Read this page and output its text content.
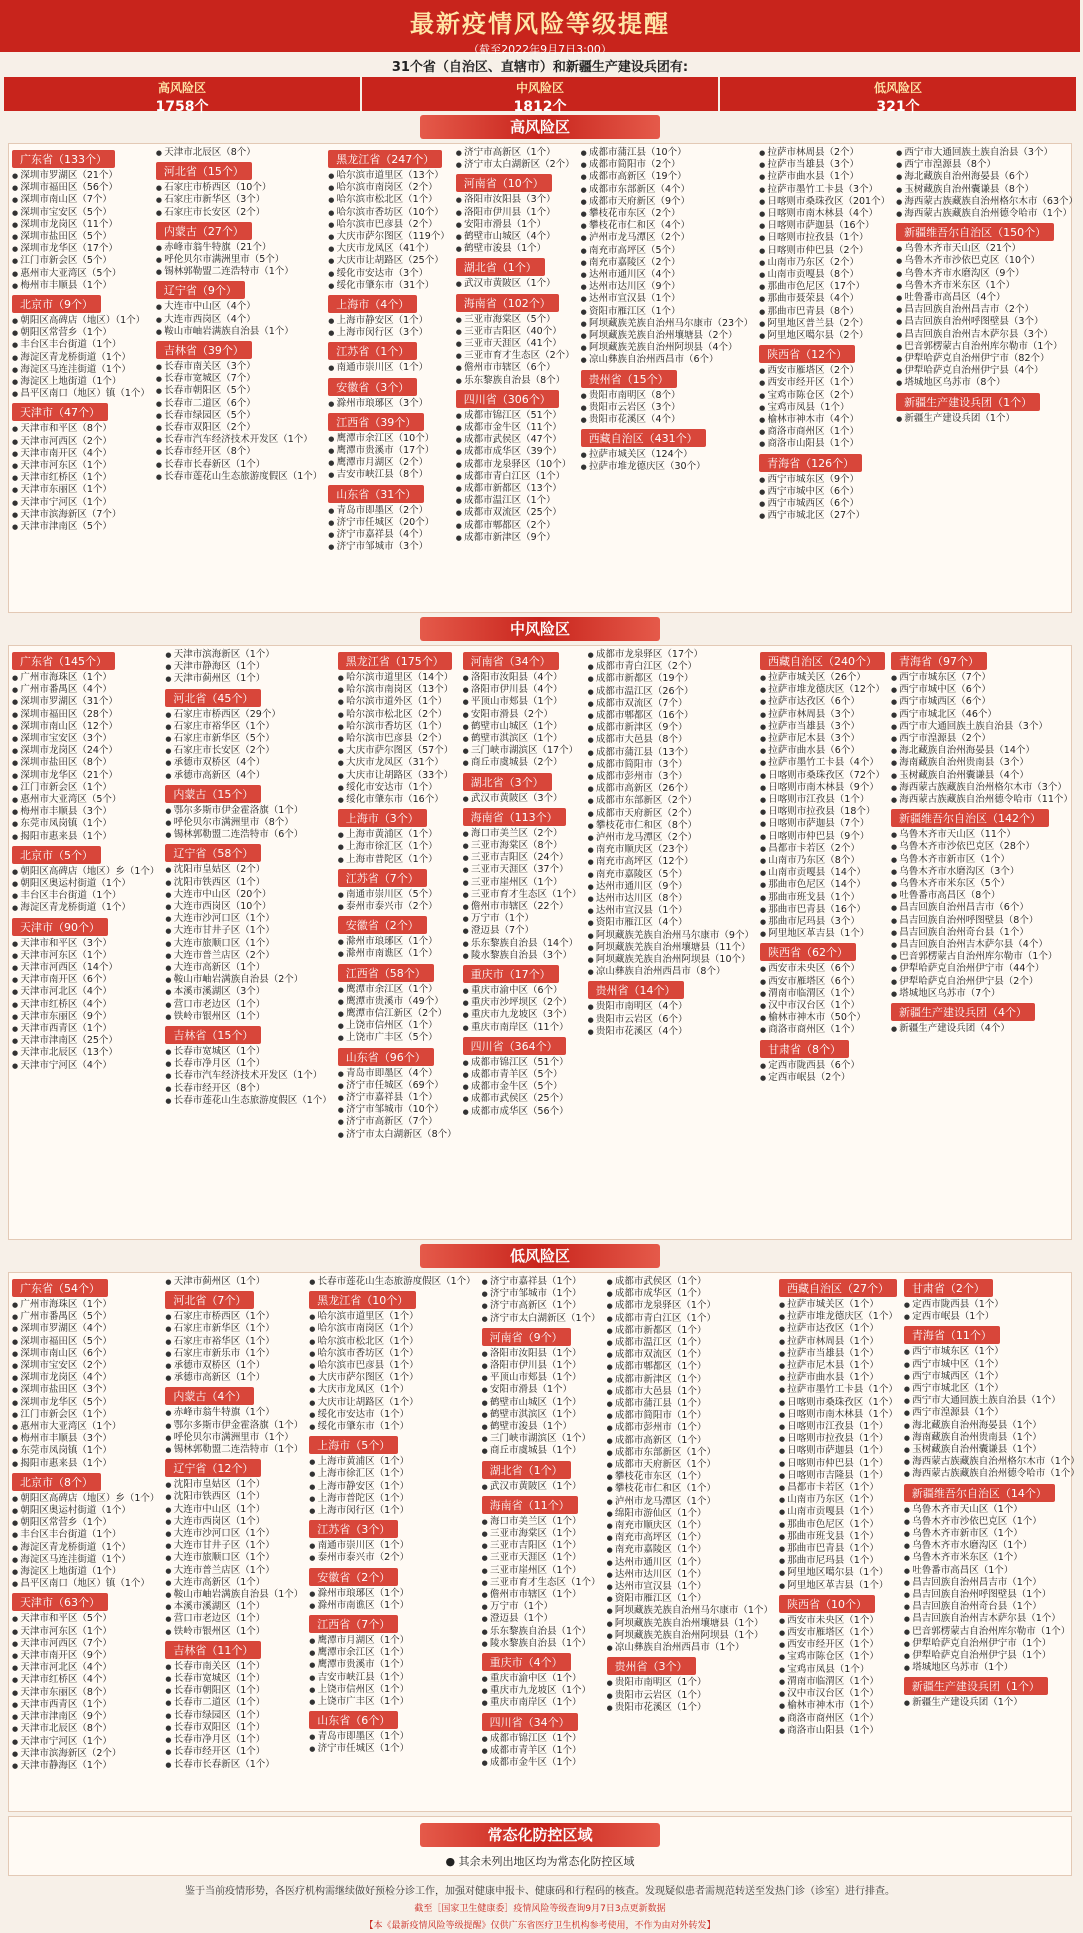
最新疫情风险等级提醒
（截至2022年9月7日3:00）
31个省（自治区、直辖市）和新疆生产建设兵团有:
高风险区
1758个
中风险区
1812个
低风险区
321个
高风险区
广东省（133个）
● 深圳市罗湖区（21个）
● 深圳市福田区（56个）
● 深圳市南山区（7个）
● 深圳市宝安区（5个）
● 深圳市龙岗区（11个）
● 深圳市盐田区（5个）
● 深圳市龙华区（17个）
● 江门市新会区（5个）
● 惠州市大亚湾区（5个）
● 梅州市丰顺县（1个）
北京市（9个）
● 朝阳区高碑店（地区）（1个）
● 朝阳区常营乡（1个）
● 丰台区丰台街道（1个）
● 海淀区青龙桥街道（1个）
● 海淀区马连洼街道（1个）
● 海淀区上地街道（1个）
● 昌平区南口（地区）镇（1个）
天津市（47个）
● 天津市和平区（8个）
● 天津市河西区（2个）
● 天津市南开区（4个）
● 天津市河东区（1个）
● 天津市红桥区（1个）
● 天津市东丽区（1个）
● 天津市宁河区（1个）
● 天津市滨海新区（7个）
● 天津市津南区（5个）
● 天津市北辰区（8个）
河北省（15个）
● 石家庄市桥西区（10个）
● 石家庄市新华区（3个）
● 石家庄市长安区（2个）
内蒙古（27个）
● 赤峰市翁牛特旗（21个）
● 呼伦贝尔市满洲里市（5个）
● 锡林郭勒盟二连浩特市（1个）
辽宁省（9个）
● 大连市中山区（4个）
● 大连市西岗区（4个）
● 鞍山市岫岩满族自治县（1个）
吉林省（39个）
● 长春市南关区（3个）
● 长春市宽城区（7个）
● 长春市朝阳区（5个）
● 长春市二道区（6个）
● 长春市绿园区（5个）
● 长春市双阳区（2个）
● 长春市汽车经济技术开发区（1个）
● 长春市经开区（8个）
● 长春市长春新区（1个）
● 长春市莲花山生态旅游度假区（1个）
黑龙江省（247个）
● 哈尔滨市道里区（13个）
● 哈尔滨市南岗区（2个）
● 哈尔滨市松北区（1个）
● 哈尔滨市香坊区（10个）
● 哈尔滨市巴彦县（2个）
● 大庆市萨尔图区（119个）
● 大庆市龙凤区（41个）
● 大庆市让胡路区（25个）
● 绥化市安达市（3个）
● 绥化市肇东市（31个）
上海市（4个）
● 上海市静安区（1个）
● 上海市闵行区（3个）
江苏省（1个）
● 南通市崇川区（1个）
安徽省（3个）
● 滁州市琅琊区（3个）
江西省（39个）
● 鹰潭市余江区（10个）
● 鹰潭市贵溪市（17个）
● 鹰潭市月湖区（2个）
● 吉安市峡江县（8个）
山东省（31个）
● 青岛市即墨区（2个）
● 济宁市任城区（20个）
● 济宁市嘉祥县（4个）
● 济宁市邹城市（3个）
● 济宁市高新区（1个）
● 济宁市太白湖新区（2个）
河南省（10个）
● 洛阳市汝阳县（3个）
● 洛阳市伊川县（1个）
● 安阳市滑县（1个）
● 鹤壁市山城区（4个）
● 鹤壁市浚县（1个）
湖北省（1个）
● 武汉市黄陂区（1个）
海南省（102个）
● 三亚市海棠区（5个）
● 三亚市吉阳区（40个）
● 三亚市天涯区（41个）
● 三亚市育才生态区（2个）
● 儋州市市辖区（6个）
● 乐东黎族自治县（8个）
四川省（306个）
● 成都市锦江区（51个）
● 成都市金牛区（11个）
● 成都市武侯区（47个）
● 成都市成华区（39个）
● 成都市龙泉驿区（10个）
● 成都市青白江区（1个）
● 成都市新都区（13个）
● 成都市温江区（1个）
● 成都市双流区（25个）
● 成都市郫都区（2个）
● 成都市新津区（9个）
● 成都市蒲江县（10个）
● 成都市简阳市（2个）
● 成都市高新区（19个）
● 成都市东部新区（4个）
● 成都市天府新区（9个）
● 攀枝花市东区（2个）
● 攀枝花市仁和区（4个）
● 泸州市龙马潭区（2个）
● 南充市高坪区（5个）
● 南充市嘉陵区（2个）
● 达州市通川区（4个）
● 达州市达川区（9个）
● 达州市宣汉县（1个）
● 资阳市雁江区（1个）
● 阿坝藏族羌族自治州马尔康市（23个）
● 阿坝藏族羌族自治州壤塘县（2个）
● 阿坝藏族羌族自治州阿坝县（4个）
● 凉山彝族自治州西昌市（6个）
贵州省（15个）
● 贵阳市南明区（8个）
● 贵阳市云岩区（3个）
● 贵阳市花溪区（4个）
西藏自治区（431个）
● 拉萨市城关区（124个）
● 拉萨市堆龙德庆区（30个）
● 拉萨市林周县（2个）
● 拉萨市当雄县（3个）
● 拉萨市曲水县（1个）
● 拉萨市墨竹工卡县（3个）
● 日喀则市桑珠孜区（201个）
● 日喀则市南木林县（4个）
● 日喀则市萨迦县（16个）
● 日喀则市拉孜县（1个）
● 日喀则市仲巴县（2个）
● 山南市乃东区（2个）
● 山南市贡嘎县（8个）
● 那曲市色尼区（17个）
● 那曲市聂荣县（4个）
● 那曲市巴青县（8个）
● 阿里地区普兰县（2个）
● 阿里地区噶尔县（2个）
陕西省（12个）
● 西安市雁塔区（2个）
● 西安市经开区（1个）
● 宝鸡市陈仓区（2个）
● 宝鸡市凤县（1个）
● 榆林市神木市（4个）
● 商洛市商州区（1个）
● 商洛市山阳县（1个）
青海省（126个）
● 西宁市城东区（9个）
● 西宁市城中区（6个）
● 西宁市城西区（6个）
● 西宁市城北区（27个）
● 西宁市大通回族土族自治县（3个）
● 西宁市湟源县（8个）
● 海北藏族自治州海晏县（6个）
● 玉树藏族自治州囊谦县（8个）
● 海西蒙古族藏族自治州格尔木市（63个）
● 海西蒙古族藏族自治州德令哈市（1个）
新疆维吾尔自治区（150个）
● 乌鲁木齐市天山区（21个）
● 乌鲁木齐市沙依巴克区（10个）
● 乌鲁木齐市水磨沟区（9个）
● 乌鲁木齐市米东区（1个）
● 吐鲁番市高昌区（4个）
● 昌吉回族自治州昌吉市（2个）
● 昌吉回族自治州呼图壁县（3个）
● 昌吉回族自治州吉木萨尔县（3个）
● 巴音郭楞蒙古自治州库尔勒市（1个）
● 伊犁哈萨克自治州伊宁市（82个）
● 伊犁哈萨克自治州伊宁县（4个）
● 塔城地区乌苏市（8个）
新疆生产建设兵团（1个）
● 新疆生产建设兵团（1个）
中风险区
广东省（145个）
● 广州市海珠区（1个）
● 广州市番禺区（4个）
● 深圳市罗湖区（31个）
● 深圳市福田区（28个）
● 深圳市南山区（12个）
● 深圳市宝安区（3个）
● 深圳市龙岗区（24个）
● 深圳市盐田区（8个）
● 深圳市龙华区（21个）
● 江门市新会区（1个）
● 惠州市大亚湾区（5个）
● 梅州市丰顺县（3个）
● 东莞市凤岗镇（1个）
● 揭阳市惠来县（1个）
北京市（5个）
● 朝阳区高碑店（地区）乡（1个）
● 朝阳区奥运村街道（1个）
● 丰台区丰台街道（1个）
● 海淀区青龙桥街道（1个）
天津市（90个）
● 天津市和平区（3个）
● 天津市河东区（1个）
● 天津市河西区（14个）
● 天津市南开区（6个）
● 天津市河北区（4个）
● 天津市红桥区（4个）
● 天津市东丽区（9个）
● 天津市西青区（1个）
● 天津市津南区（25个）
● 天津市北辰区（13个）
● 天津市宁河区（4个）
● 天津市滨海新区（1个）
● 天津市静海区（1个）
● 天津市蓟州区（1个）
河北省（45个）
● 石家庄市桥西区（29个）
● 石家庄市裕华区（1个）
● 石家庄市新华区（5个）
● 石家庄市长安区（2个）
● 承德市双桥区（4个）
● 承德市高新区（4个）
内蒙古（15个）
● 鄂尔多斯市伊金霍洛旗（1个）
● 呼伦贝尔市满洲里市（8个）
● 锡林郭勒盟二连浩特市（6个）
辽宁省（58个）
● 沈阳市皇姑区（2个）
● 沈阳市铁西区（1个）
● 大连市中山区（20个）
● 大连市西岗区（10个）
● 大连市沙河口区（1个）
● 大连市甘井子区（1个）
● 大连市旅顺口区（1个）
● 大连市普兰店区（2个）
● 大连市高新区（1个）
● 鞍山市岫岩满族自治县（2个）
● 本溪市溪湖区（3个）
● 营口市老边区（1个）
● 铁岭市银州区（1个）
吉林省（15个）
● 长春市宽城区（1个）
● 长春市净月区（1个）
● 长春市汽车经济技术开发区（1个）
● 长春市经开区（8个）
● 长春市莲花山生态旅游度假区（1个）
黑龙江省（175个）
● 哈尔滨市道里区（14个）
● 哈尔滨市南岗区（13个）
● 哈尔滨市道外区（1个）
● 哈尔滨市松北区（2个）
● 哈尔滨市香坊区（1个）
● 哈尔滨市巴彦县（2个）
● 大庆市萨尔图区（57个）
● 大庆市龙凤区（31个）
● 大庆市让胡路区（33个）
● 绥化市安达市（1个）
● 绥化市肇东市（16个）
上海市（3个）
● 上海市黄浦区（1个）
● 上海市徐汇区（1个）
● 上海市普陀区（1个）
江苏省（7个）
● 南通市崇川区（5个）
● 泰州市泰兴市（2个）
安徽省（2个）
● 滁州市琅琊区（1个）
● 滁州市南谯区（1个）
江西省（58个）
● 鹰潭市余江区（1个）
● 鹰潭市贵溪市（49个）
● 鹰潭市信江新区（2个）
● 上饶市信州区（1个）
● 上饶市广丰区（5个）
山东省（96个）
● 青岛市即墨区（4个）
● 济宁市任城区（69个）
● 济宁市嘉祥县（1个）
● 济宁市邹城市（10个）
● 济宁市高新区（7个）
● 济宁市太白湖新区（8个）
河南省（34个）
● 洛阳市汝阳县（4个）
● 洛阳市伊川县（4个）
● 平顶山市郏县（1个）
● 安阳市滑县（2个）
● 鹤壁市山城区（1个）
● 鹤壁市淇滨区（1个）
● 三门峡市湖滨区（17个）
● 商丘市虞城县（2个）
湖北省（3个）
● 武汉市黄陂区（3个）
海南省（113个）
● 海口市美兰区（2个）
● 三亚市海棠区（8个）
● 三亚市吉阳区（24个）
● 三亚市天涯区（37个）
● 三亚市崖州区（1个）
● 三亚市育才生态区（1个）
● 儋州市市辖区（22个）
● 万宁市（1个）
● 澄迈县（7个）
● 乐东黎族自治县（14个）
● 陵水黎族自治县（3个）
重庆市（17个）
● 重庆市渝中区（6个）
● 重庆市沙坪坝区（2个）
● 重庆市九龙坡区（3个）
● 重庆市南岸区（11个）
四川省（364个）
● 成都市锦江区（51个）
● 成都市青羊区（5个）
● 成都市金牛区（5个）
● 成都市武侯区（25个）
● 成都市成华区（56个）
● 成都市龙泉驿区（17个）
● 成都市青白江区（2个）
● 成都市新都区（19个）
● 成都市温江区（26个）
● 成都市双流区（7个）
● 成都市郫都区（16个）
● 成都市新津区（9个）
● 成都市大邑县（8个）
● 成都市蒲江县（13个）
● 成都市简阳市（3个）
● 成都市彭州市（3个）
● 成都市高新区（26个）
● 成都市东部新区（2个）
● 成都市天府新区（2个）
● 攀枝花市仁和区（8个）
● 泸州市龙马潭区（2个）
● 南充市顺庆区（23个）
● 南充市高坪区（12个）
● 南充市嘉陵区（5个）
● 达州市通川区（9个）
● 达州市达川区（8个）
● 达州市宣汉县（1个）
● 资阳市雁江区（4个）
● 阿坝藏族羌族自治州马尔康市（9个）
● 阿坝藏族羌族自治州壤塘县（11个）
● 阿坝藏族羌族自治州阿坝县（10个）
● 凉山彝族自治州西昌市（8个）
贵州省（14个）
● 贵阳市南明区（4个）
● 贵阳市云岩区（6个）
● 贵阳市花溪区（4个）
西藏自治区（240个）
● 拉萨市城关区（26个）
● 拉萨市堆龙德庆区（12个）
● 拉萨市达孜区（6个）
● 拉萨市林周县（3个）
● 拉萨市当雄县（3个）
● 拉萨市尼木县（3个）
● 拉萨市曲水县（6个）
● 拉萨市墨竹工卡县（4个）
● 日喀则市桑珠孜区（72个）
● 日喀则市南木林县（9个）
● 日喀则市江孜县（1个）
● 日喀则市拉孜县（18个）
● 日喀则市萨迦县（7个）
● 日喀则市仲巴县（9个）
● 昌都市卡若区（2个）
● 山南市乃东区（8个）
● 山南市贡嘎县（14个）
● 那曲市色尼区（14个）
● 那曲市班戈县（1个）
● 那曲市巴青县（16个）
● 那曲市尼玛县（3个）
● 阿里地区革吉县（1个）
陕西省（62个）
● 西安市未央区（6个）
● 西安市雁塔区（6个）
● 渭南市临渭区（1个）
● 汉中市汉台区（1个）
● 榆林市神木市（50个）
● 商洛市商州区（1个）
甘肃省（8个）
● 定西市陇西县（6个）
● 定西市岷县（2个）
青海省（97个）
● 西宁市城东区（7个）
● 西宁市城中区（6个）
● 西宁市城西区（6个）
● 西宁市城北区（46个）
● 西宁市大通回族土族自治县（3个）
● 西宁市湟源县（2个）
● 海北藏族自治州海晏县（14个）
● 海南藏族自治州贵南县（3个）
● 玉树藏族自治州囊谦县（4个）
● 海西蒙古族藏族自治州格尔木市（3个）
● 海西蒙古族藏族自治州德令哈市（11个）
新疆维吾尔自治区（142个）
● 乌鲁木齐市天山区（11个）
● 乌鲁木齐市沙依巴克区（28个）
● 乌鲁木齐市新市区（1个）
● 乌鲁木齐市水磨沟区（3个）
● 乌鲁木齐市米东区（5个）
● 吐鲁番市高昌区（8个）
● 昌吉回族自治州昌吉市（6个）
● 昌吉回族自治州呼图壁县（8个）
● 昌吉回族自治州奇台县（1个）
● 昌吉回族自治州吉木萨尔县（4个）
● 巴音郭楞蒙古自治州库尔勒市（1个）
● 伊犁哈萨克自治州伊宁市（44个）
● 伊犁哈萨克自治州伊宁县（2个）
● 塔城地区乌苏市（7个）
新疆生产建设兵团（4个）
● 新疆生产建设兵团（4个）
低风险区
广东省（54个）
● 广州市海珠区（1个）
● 广州市番禺区（5个）
● 深圳市罗湖区（4个）
● 深圳市福田区（5个）
● 深圳市南山区（6个）
● 深圳市宝安区（2个）
● 深圳市龙岗区（4个）
● 深圳市盐田区（3个）
● 深圳市龙华区（5个）
● 江门市新会区（1个）
● 惠州市大亚湾区（1个）
● 梅州市丰顺县（3个）
● 东莞市凤岗镇（1个）
● 揭阳市惠来县（1个）
北京市（8个）
● 朝阳区高碑店（地区）乡（1个）
● 朝阳区奥运村街道（1个）
● 朝阳区常营乡（1个）
● 丰台区丰台街道（1个）
● 海淀区青龙桥街道（1个）
● 海淀区马连洼街道（1个）
● 海淀区上地街道（1个）
● 昌平区南口（地区）镇（1个）
天津市（63个）
● 天津市和平区（5个）
● 天津市河东区（1个）
● 天津市河西区（7个）
● 天津市南开区（9个）
● 天津市河北区（4个）
● 天津市红桥区（4个）
● 天津市东丽区（8个）
● 天津市西青区（1个）
● 天津市津南区（9个）
● 天津市北辰区（8个）
● 天津市宁河区（1个）
● 天津市滨海新区（2个）
● 天津市静海区（1个）
● 天津市蓟州区（1个）
河北省（7个）
● 石家庄市桥西区（1个）
● 石家庄市新华区（1个）
● 石家庄市裕华区（1个）
● 石家庄市新乐市（1个）
● 承德市双桥区（1个）
● 承德市高新区（1个）
内蒙古（4个）
● 赤峰市翁牛特旗（1个）
● 鄂尔多斯市伊金霍洛旗（1个）
● 呼伦贝尔市满洲里市（1个）
● 锡林郭勒盟二连浩特市（1个）
辽宁省（12个）
● 沈阳市皇姑区（1个）
● 沈阳市铁西区（1个）
● 大连市中山区（1个）
● 大连市西岗区（1个）
● 大连市沙河口区（1个）
● 大连市甘井子区（1个）
● 大连市旅顺口区（1个）
● 大连市普兰店区（1个）
● 大连市高新区（1个）
● 鞍山市岫岩满族自治县（1个）
● 本溪市溪湖区（1个）
● 营口市老边区（1个）
● 铁岭市银州区（1个）
吉林省（11个）
● 长春市南关区（1个）
● 长春市宽城区（1个）
● 长春市朝阳区（1个）
● 长春市二道区（1个）
● 长春市绿园区（1个）
● 长春市双阳区（1个）
● 长春市净月区（1个）
● 长春市经开区（1个）
● 长春市长春新区（1个）
● 长春市莲花山生态旅游度假区（1个）
黑龙江省（10个）
● 哈尔滨市道里区（1个）
● 哈尔滨市南岗区（1个）
● 哈尔滨市松北区（1个）
● 哈尔滨市香坊区（1个）
● 哈尔滨市巴彦县（1个）
● 大庆市萨尔图区（1个）
● 大庆市龙凤区（1个）
● 大庆市让胡路区（1个）
● 绥化市安达市（1个）
● 绥化市肇东市（1个）
上海市（5个）
● 上海市黄浦区（1个）
● 上海市徐汇区（1个）
● 上海市静安区（1个）
● 上海市普陀区（1个）
● 上海市闵行区（1个）
江苏省（3个）
● 南通市崇川区（1个）
● 泰州市泰兴市（2个）
安徽省（2个）
● 滁州市琅琊区（1个）
● 滁州市南谯区（1个）
江西省（7个）
● 鹰潭市月湖区（1个）
● 鹰潭市余江区（1个）
● 鹰潭市贵溪市（1个）
● 吉安市峡江县（1个）
● 上饶市信州区（1个）
● 上饶市广丰区（1个）
山东省（6个）
● 青岛市即墨区（1个）
● 济宁市任城区（1个）
● 济宁市嘉祥县（1个）
● 济宁市邹城市（1个）
● 济宁市高新区（1个）
● 济宁市太白湖新区（1个）
河南省（9个）
● 洛阳市汝阳县（1个）
● 洛阳市伊川县（1个）
● 平顶山市郏县（1个）
● 安阳市滑县（1个）
● 鹤壁市山城区（1个）
● 鹤壁市淇滨区（1个）
● 鹤壁市浚县（1个）
● 三门峡市湖滨区（1个）
● 商丘市虞城县（1个）
湖北省（1个）
● 武汉市黄陂区（1个）
海南省（11个）
● 海口市美兰区（1个）
● 三亚市海棠区（1个）
● 三亚市吉阳区（1个）
● 三亚市天涯区（1个）
● 三亚市崖州区（1个）
● 三亚市育才生态区（1个）
● 儋州市市辖区（1个）
● 万宁市（1个）
● 澄迈县（1个）
● 乐东黎族自治县（1个）
● 陵水黎族自治县（1个）
重庆市（4个）
● 重庆市渝中区（1个）
● 重庆市九龙坡区（1个）
● 重庆市南岸区（1个）
四川省（34个）
● 成都市锦江区（1个）
● 成都市青羊区（1个）
● 成都市金牛区（1个）
● 成都市武侯区（1个）
● 成都市成华区（1个）
● 成都市龙泉驿区（1个）
● 成都市青白江区（1个）
● 成都市新都区（1个）
● 成都市温江区（1个）
● 成都市双流区（1个）
● 成都市郫都区（1个）
● 成都市新津区（1个）
● 成都市大邑县（1个）
● 成都市蒲江县（1个）
● 成都市简阳市（1个）
● 成都市彭州市（1个）
● 成都市高新区（1个）
● 成都市东部新区（1个）
● 成都市天府新区（1个）
● 攀枝花市东区（1个）
● 攀枝花市仁和区（1个）
● 泸州市龙马潭区（1个）
● 绵阳市游仙区（1个）
● 南充市顺庆区（1个）
● 南充市高坪区（1个）
● 南充市嘉陵区（1个）
● 达州市通川区（1个）
● 达州市达川区（1个）
● 达州市宣汉县（1个）
● 资阳市雁江区（1个）
● 阿坝藏族羌族自治州马尔康市（1个）
● 阿坝藏族羌族自治州壤塘县（1个）
● 阿坝藏族羌族自治州阿坝县（1个）
● 凉山彝族自治州西昌市（1个）
贵州省（3个）
● 贵阳市南明区（1个）
● 贵阳市云岩区（1个）
● 贵阳市花溪区（1个）
西藏自治区（27个）
● 拉萨市城关区（1个）
● 拉萨市堆龙德庆区（1个）
● 拉萨市达孜区（1个）
● 拉萨市林周县（1个）
● 拉萨市当雄县（1个）
● 拉萨市尼木县（1个）
● 拉萨市曲水县（1个）
● 拉萨市墨竹工卡县（1个）
● 日喀则市桑珠孜区（1个）
● 日喀则市南木林县（1个）
● 日喀则市江孜县（1个）
● 日喀则市拉孜县（1个）
● 日喀则市萨迦县（1个）
● 日喀则市仲巴县（1个）
● 日喀则市吉隆县（1个）
● 昌都市卡若区（1个）
● 山南市乃东区（1个）
● 山南市贡嘎县（1个）
● 那曲市色尼区（1个）
● 那曲市班戈县（1个）
● 那曲市巴青县（1个）
● 那曲市尼玛县（1个）
● 阿里地区噶尔县（1个）
● 阿里地区革吉县（1个）
陕西省（10个）
● 西安市未央区（1个）
● 西安市雁塔区（1个）
● 西安市经开区（1个）
● 宝鸡市陈仓区（1个）
● 宝鸡市凤县（1个）
● 渭南市临渭区（1个）
● 汉中市汉台区（1个）
● 榆林市神木市（1个）
● 商洛市商州区（1个）
● 商洛市山阳县（1个）
甘肃省（2个）
● 定西市陇西县（1个）
● 定西市岷县（1个）
青海省（11个）
● 西宁市城东区（1个）
● 西宁市城中区（1个）
● 西宁市城西区（1个）
● 西宁市城北区（1个）
● 西宁市大通回族土族自治县（1个）
● 西宁市湟源县（1个）
● 海北藏族自治州海晏县（1个）
● 海南藏族自治州贵南县（1个）
● 玉树藏族自治州囊谦县（1个）
● 海西蒙古族藏族自治州格尔木市（1个）
● 海西蒙古族藏族自治州德令哈市（1个）
新疆维吾尔自治区（14个）
● 乌鲁木齐市天山区（1个）
● 乌鲁木齐市沙依巴克区（1个）
● 乌鲁木齐市新市区（1个）
● 乌鲁木齐市水磨沟区（1个）
● 乌鲁木齐市米东区（1个）
● 吐鲁番市高昌区（1个）
● 昌吉回族自治州昌吉市（1个）
● 昌吉回族自治州呼图壁县（1个）
● 昌吉回族自治州奇台县（1个）
● 昌吉回族自治州吉木萨尔县（1个）
● 巴音郭楞蒙古自治州库尔勒市（1个）
● 伊犁哈萨克自治州伊宁市（1个）
● 伊犁哈萨克自治州伊宁县（1个）
● 塔城地区乌苏市（1个）
新疆生产建设兵团（1个）
● 新疆生产建设兵团（1个）
常态化防控区域
● 其余未列出地区均为常态化防控区域
鉴于当前疫情形势，各医疗机构需继续做好预检分诊工作，加强对健康申报卡、健康码和行程码的核查。发现疑似患者需规范转送至发热门诊（诊室）进行排查。
截至［国家卫生健康委］疫情风险等级查询9月7日3点更新数据
【本《最新疫情风险等级提醒》仅供广东省医疗卫生机构参考使用，不作为由对外转发】
